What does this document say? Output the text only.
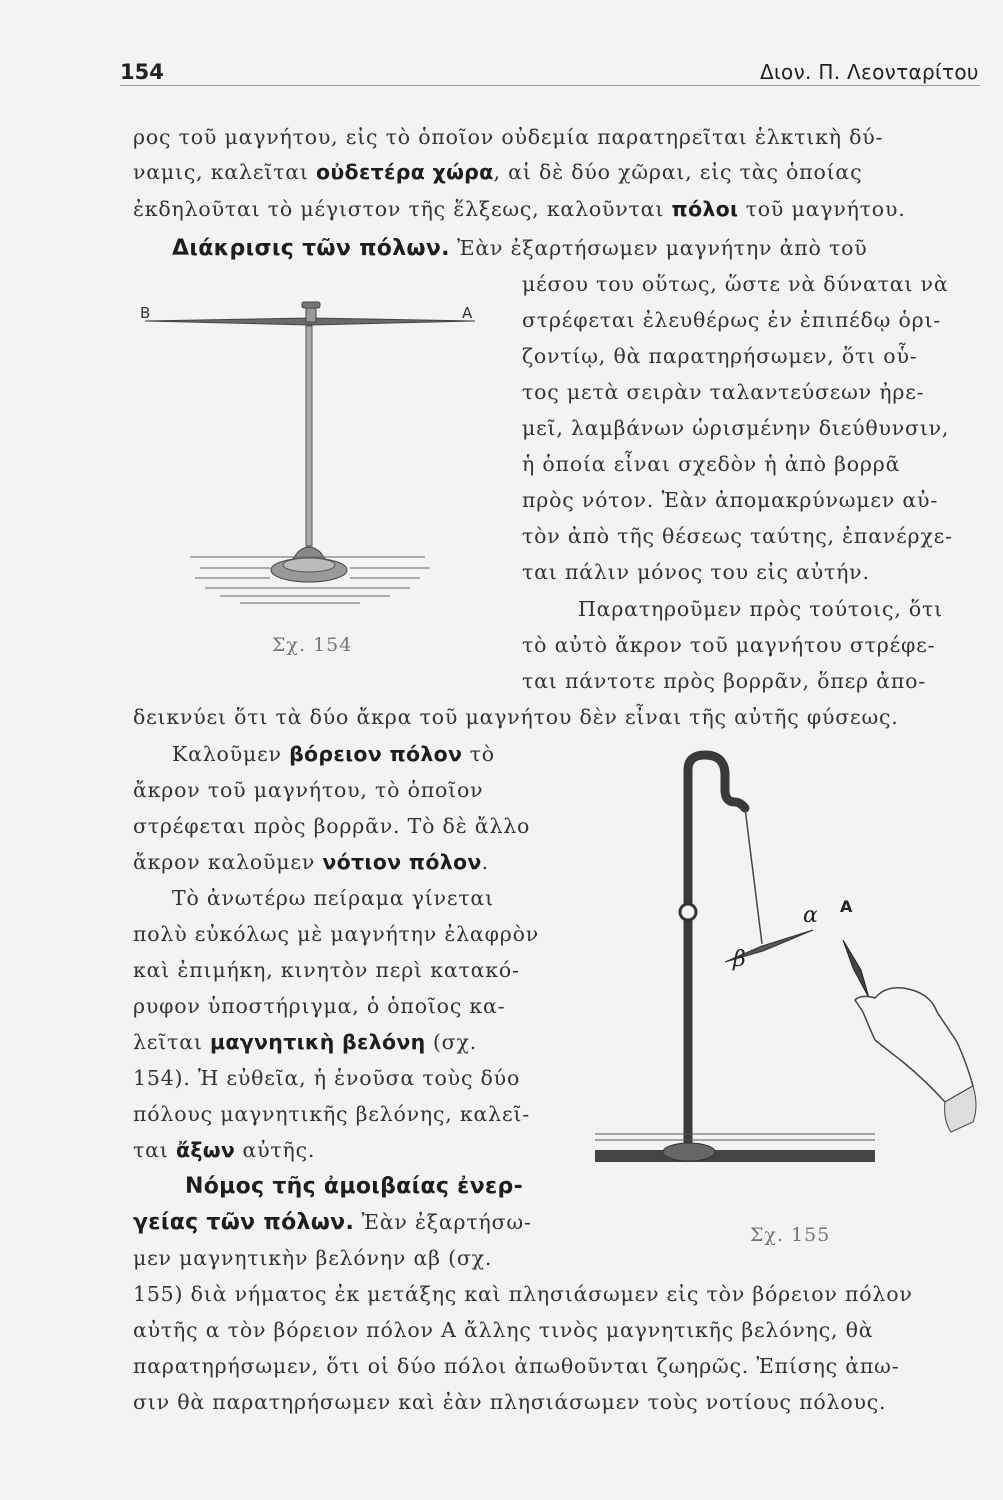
154	Διον. Π. Λεονταρίτου
ρος τοῦ μαγνήτου, εἰς τὸ ὁποῖον οὐδεμία παρατηρεῖται ἑλκτικὴ δύ-
ναμις, καλεῖται οὐδετέρα χώρα, αἱ δὲ δύο χῶραι, εἰς τὰς ὁποίας
ἐκδηλοῦται τὸ μέγιστον τῆς ἕλξεως, καλοῦνται πόλοι τοῦ μαγνήτου.
Διάκρισις τῶν πόλων. Ἐὰν ἐξαρτήσωμεν μαγνήτην ἀπὸ τοῦ
μέσου του οὕτως, ὥστε νὰ δύναται νὰ
στρέφεται ἐλευθέρως ἐν ἐπιπέδῳ ὁρι-
ζοντίῳ, θὰ παρατηρήσωμεν, ὅτι οὗ-
τος μετὰ σειρὰν ταλαντεύσεων ἠρε-
μεῖ, λαμβάνων ὡρισμένην διεύθυνσιν,
ἡ ὁποία εἶναι σχεδὸν ἡ ἀπὸ βορρᾶ
πρὸς νότον. Ἐὰν ἀπομακρύνωμεν αὐ-
τὸν ἀπὸ τῆς θέσεως ταύτης, ἐπανέρχε-
ται πάλιν μόνος του εἰς αὐτήν.
Παρατηροῦμεν πρὸς τούτοις, ὅτι
τὸ αὐτὸ ἄκρον τοῦ μαγνήτου στρέφε-
ται πάντοτε πρὸς βορρᾶν, ὅπερ ἀπο-
δεικνύει ὅτι τὰ δύο ἄκρα τοῦ μαγνήτου δὲν εἶναι τῆς αὐτῆς φύσεως.
Καλοῦμεν βόρειον πόλον τὸ
ἄκρον τοῦ μαγνήτου, τὸ ὁποῖον
στρέφεται πρὸς βορρᾶν. Τὸ δὲ ἄλλο
ἄκρον καλοῦμεν νότιον πόλον.
Τὸ ἀνωτέρω πείραμα γίνεται
πολὺ εὐκόλως μὲ μαγνήτην ἐλαφρὸν
καὶ ἐπιμήκη, κινητὸν περὶ κατακό-
ρυφον ὑποστήριγμα, ὁ ὁποῖος κα-
λεῖται μαγνητικὴ βελόνη (σχ.
154). Ἡ εὐθεῖα, ἡ ἑνοῦσα τοὺς δύο
πόλους μαγνητικῆς βελόνης, καλεῖ-
ται ἄξων αὐτῆς.
Νόμος τῆς ἀμοιβαίας ἐνερ-
γείας τῶν πόλων. Ἐὰν ἐξαρτήσω-
μεν μαγνητικὴν βελόνην αβ (σχ.
155) διὰ νήματος ἐκ μετάξης καὶ πλησιάσωμεν εἰς τὸν βόρειον πόλον
αὐτῆς α τὸν βόρειον πόλον Α ἄλλης τινὸς μαγνητικῆς βελόνης, θὰ
παρατηρήσωμεν, ὅτι οἱ δύο πόλοι ἀπωθοῦνται ζωηρῶς. Ἐπίσης ἀπω-
σιν θὰ παρατηρήσωμεν καὶ ἐὰν πλησιάσωμεν τοὺς νοτίους πόλους.
Β	Α
Σχ. 154
β
α Α
Σχ. 155
